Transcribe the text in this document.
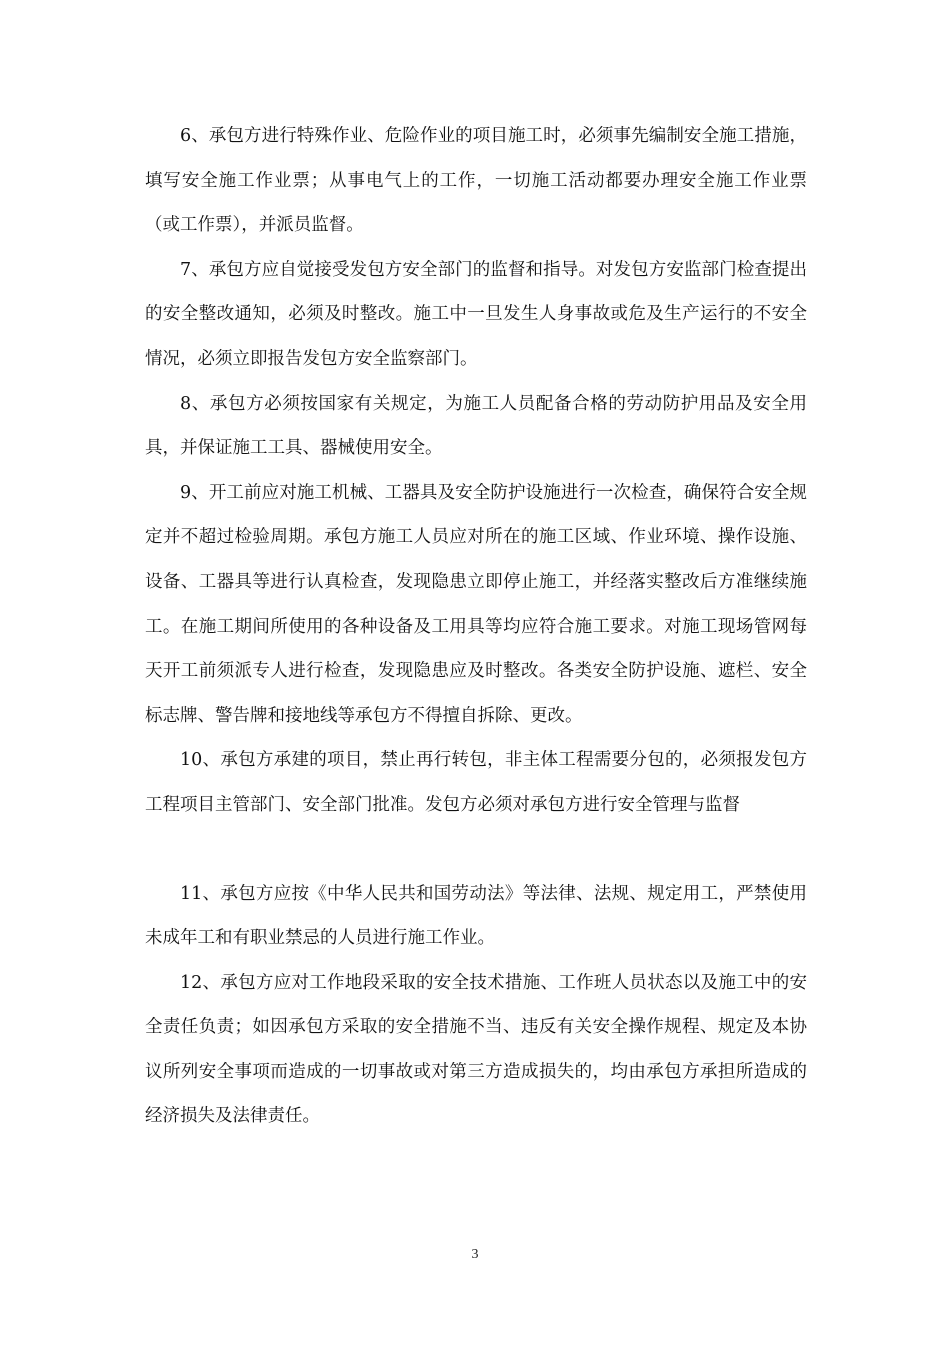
6、承包方进行特殊作业、危险作业的项目施工时，必须事先编制安全施工措施，填写安全施工作业票；从事电气上的工作，一切施工活动都要办理安全施工作业票（或工作票），并派员监督。

7、承包方应自觉接受发包方安全部门的监督和指导。对发包方安监部门检查提出的安全整改通知，必须及时整改。施工中一旦发生人身事故或危及生产运行的不安全情况，必须立即报告发包方安全监察部门。

8、承包方必须按国家有关规定，为施工人员配备合格的劳动防护用品及安全用具，并保证施工工具、器械使用安全。

9、开工前应对施工机械、工器具及安全防护设施进行一次检查，确保符合安全规定并不超过检验周期。承包方施工人员应对所在的施工区域、作业环境、操作设施、设备、工器具等进行认真检查，发现隐患立即停止施工，并经落实整改后方准继续施工。在施工期间所使用的各种设备及工用具等均应符合施工要求。对施工现场管网每天开工前须派专人进行检查，发现隐患应及时整改。各类安全防护设施、遮栏、安全标志牌、警告牌和接地线等承包方不得擅自拆除、更改。

10、承包方承建的项目，禁止再行转包，非主体工程需要分包的，必须报发包方工程项目主管部门、安全部门批准。发包方必须对承包方进行安全管理与监督

11、承包方应按《中华人民共和国劳动法》等法律、法规、规定用工，严禁使用未成年工和有职业禁忌的人员进行施工作业。

12、承包方应对工作地段采取的安全技术措施、工作班人员状态以及施工中的安全责任负责；如因承包方采取的安全措施不当、违反有关安全操作规程、规定及本协议所列安全事项而造成的一切事故或对第三方造成损失的，均由承包方承担所造成的经济损失及法律责任。

3
